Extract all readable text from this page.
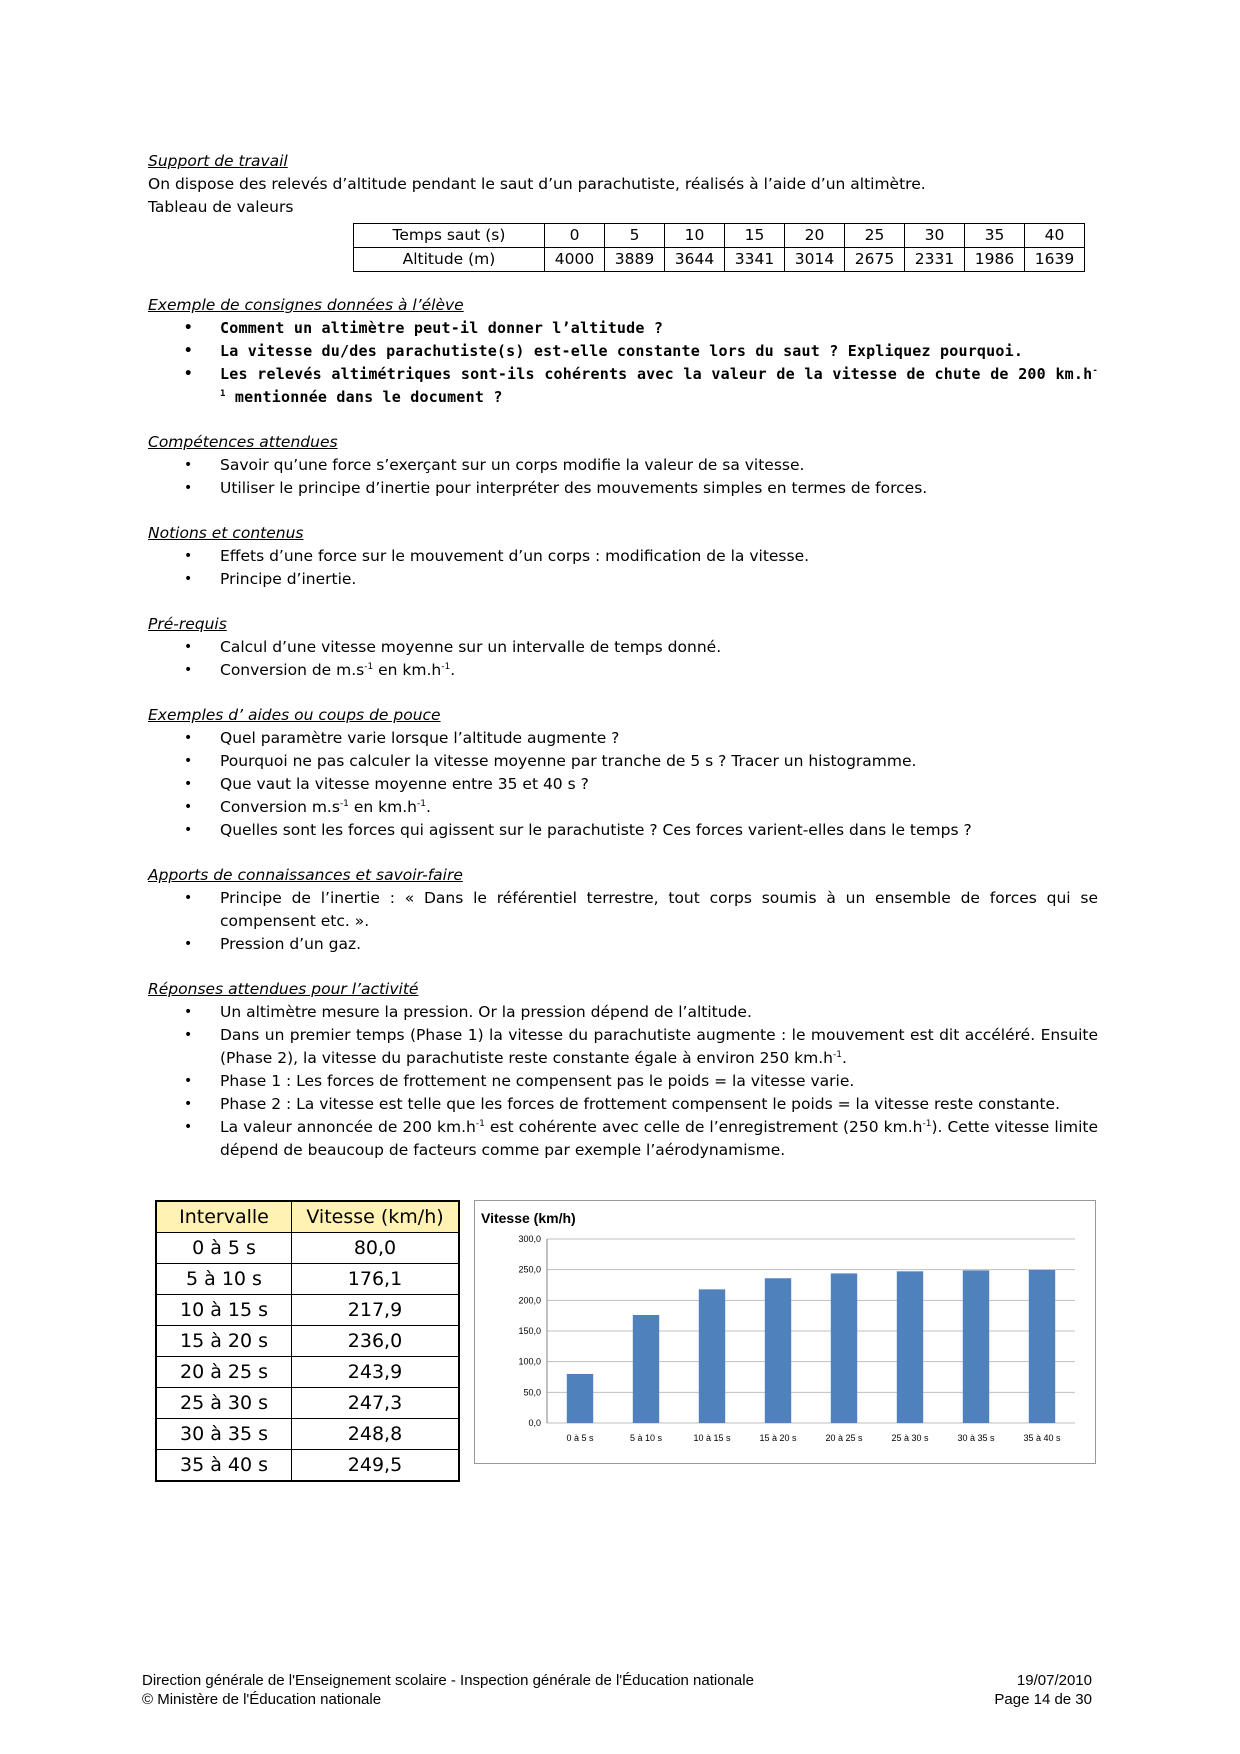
Support de travail

On dispose des relevés d’altitude pendant le saut d’un parachutiste, réalisés à l’aide d’un altimètre.

Tableau de valeurs

Temps saut (s)	0	5	10	15	20	25	30	35	40
Altitude (m)	4000	3889	3644	3341	3014	2675	2331	1986	1639
Exemple de consignes données à l’élève
• Comment un altimètre peut-il donner l’altitude ?
• La vitesse du/des parachutiste(s) est-elle constante lors du saut ? Expliquez pourquoi.
• Les relevés altimétriques sont-ils cohérents avec la valeur de la vitesse de chute de 200 $km.h^{-1}$ mentionnée dans le document ?
Compétences attendues
• Savoir qu’une force s’exerçant sur un corps modifie la valeur de sa vitesse.
• Utiliser le principe d’inertie pour interpréter des mouvements simples en termes de forces.
Notions et contenus
• Effets d’une force sur le mouvement d’un corps : modification de la vitesse.
• Principe d’inertie.
Pré-requis
• Calcul d’une vitesse moyenne sur un intervalle de temps donné.
• Conversion de $m.s^{-1}$ en $km.h^{-1}$.
Exemples d’ aides ou coups de pouce
• Quel paramètre varie lorsque l’altitude augmente ?
• Pourquoi ne pas calculer la vitesse moyenne par tranche de 5 s ? Tracer un histogramme.
• Que vaut la vitesse moyenne entre 35 et 40 s ?
• Conversion $m.s^{-1}$ en $km.h^{-1}$.
• Quelles sont les forces qui agissent sur le parachutiste ? Ces forces varient-elles dans le temps ?
Apports de connaissances et savoir-faire
• Principe de l’inertie : « Dans le référentiel terrestre, tout corps soumis à un ensemble de forces qui se compensent etc. ».
• Pression d’un gaz.
Réponses attendues pour l’activité
• Un altimètre mesure la pression. Or la pression dépend de l’altitude.
• Dans un premier temps (Phase 1) la vitesse du parachutiste augmente : le mouvement est dit accéléré. Ensuite (Phase 2), la vitesse du parachutiste reste constante égale à environ 250 $km.h^{-1}$.
• Phase 1 : Les forces de frottement ne compensent pas le poids = la vitesse varie.
• Phase 2 : La vitesse est telle que les forces de frottement compensent le poids = la vitesse reste constante.
• La valeur annoncée de 200 $km.h^{-1}$ est cohérente avec celle de l’enregistrement (250 $km.h^{-1}$). Cette vitesse limite dépend de beaucoup de facteurs comme par exemple l’aérodynamisme.
Intervalle	Vitesse (km/h)
0 à 5 s	80,0
5 à 10 s	176,1
10 à 15 s	217,9
15 à 20 s	236,0
20 à 25 s	243,9
25 à 30 s	247,3
30 à 35 s	248,8
35 à 40 s	249,5
Vitesse (km/h)
0,0
50,0
100,0
150,0
200,0
250,0
300,0
0 à 5 s	5 à 10 s	10 à 15 s	15 à 20 s	20 à 25 s	25 à 30 s	30 à 35 s	35 à 40 s
Direction générale de l'Enseignement scolaire - Inspection générale de l'Éducation nationale
© Ministère de l'Éducation nationale
19/07/2010
Page 14 de 30
